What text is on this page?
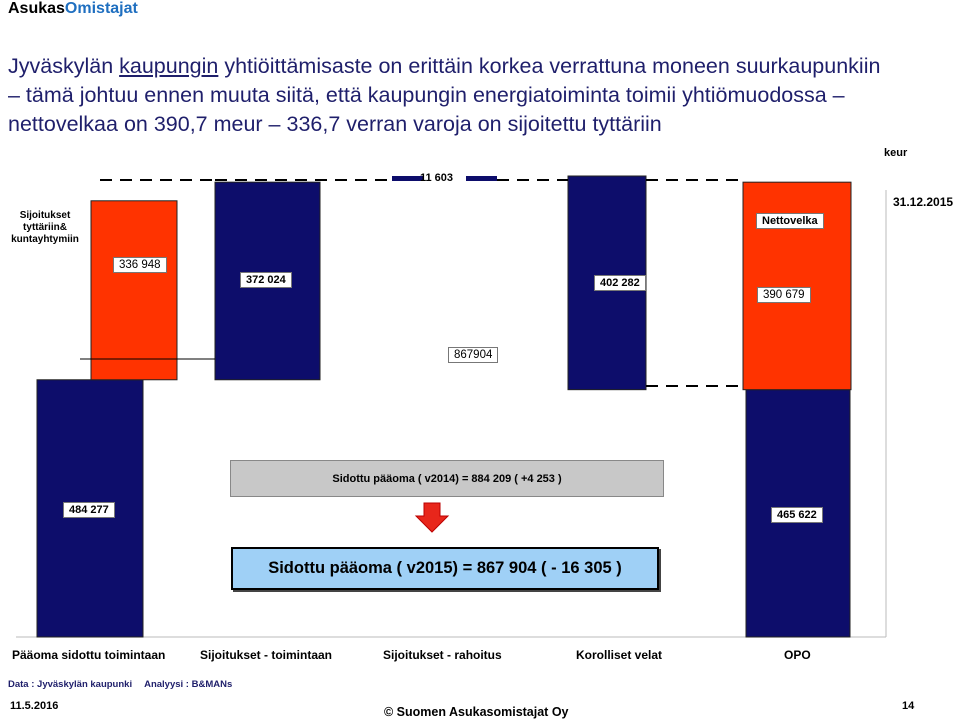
AsukasOmistajat
Jyväskylän kaupungin yhtiöittämisaste on erittäin korkea verrattuna moneen suurkaupunkiin
– tämä johtuu ennen muuta siitä, että kaupungin energiatoiminta toimii yhtiömuodossa –
nettovelkaa on 390,7 meur – 336,7 verran varoja on sijoitettu tyttäriin
keur
31.12.2015
Sijoitukset
tyttäriin&
kuntayhtymiin
Nettovelka
336 948
372 024
11 603
402 282
390 679
867904
484 277	465 622
Sidottu pääoma ( v2014) = 884 209 ( +4 253 )
Sidottu pääoma ( v2015) = 867 904 ( - 16 305 )
Pääoma sidottu toimintaan	Sijoitukset - toimintaan	Sijoitukset - rahoitus	Korolliset velat	OPO
Data : Jyväskylän kaupunki Analyysi : B&MANs
11.5.2016	© Suomen Asukasomistajat Oy	14
